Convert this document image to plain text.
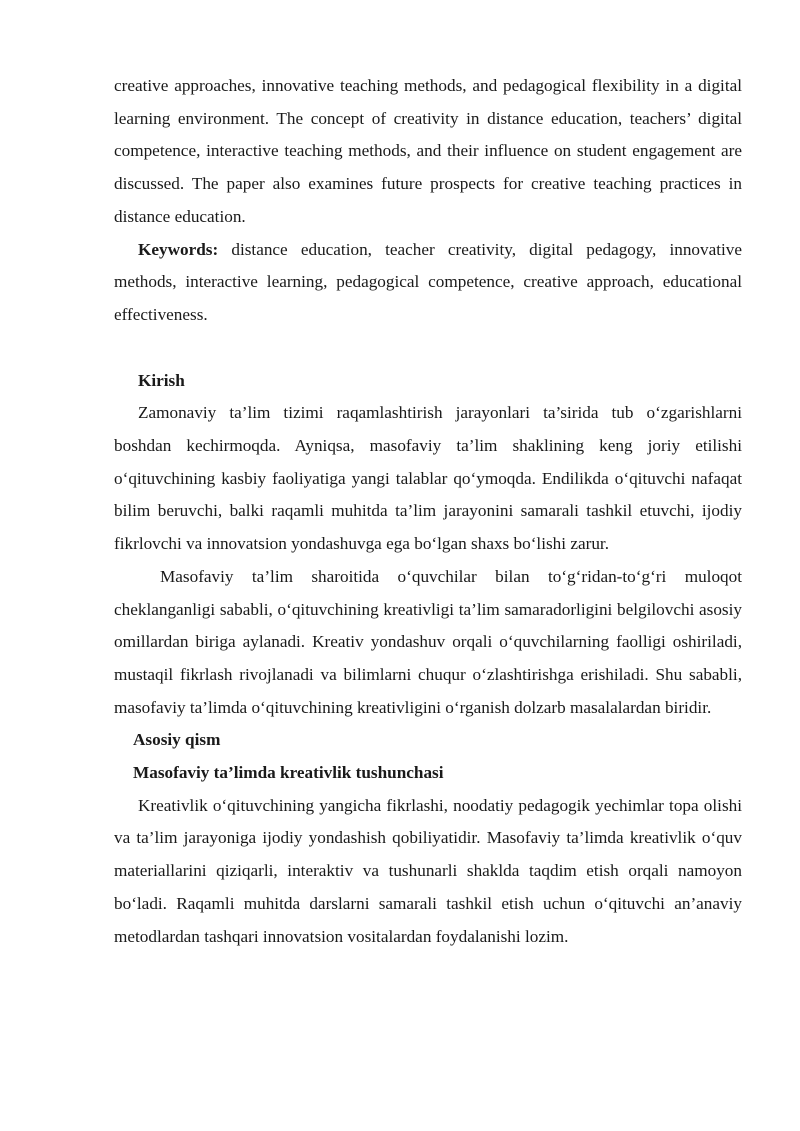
creative approaches, innovative teaching methods, and pedagogical flexibility in a digital learning environment. The concept of creativity in distance education, teachers’ digital competence, interactive teaching methods, and their influence on student engagement are discussed. The paper also examines future prospects for creative teaching practices in distance education.

Keywords: distance education, teacher creativity, digital pedagogy, innovative methods, interactive learning, pedagogical competence, creative approach, educational effectiveness.

Kirish

Zamonaviy ta’lim tizimi raqamlashtirish jarayonlari ta’sirida tub o‘zgarishlarni boshdan kechirmoqda. Ayniqsa, masofaviy ta’lim shaklining keng joriy etilishi o‘qituvchining kasbiy faoliyatiga yangi talablar qo‘ymoqda. Endilikda o‘qituvchi nafaqat bilim beruvchi, balki raqamli muhitda ta’lim jarayonini samarali tashkil etuvchi, ijodiy fikrlovchi va innovatsion yondashuvga ega bo‘lgan shaxs bo‘lishi zarur.

Masofaviy ta’lim sharoitida o‘quvchilar bilan to‘g‘ridan-to‘g‘ri muloqot cheklanganligi sababli, o‘qituvchining kreativligi ta’lim samaradorligini belgilovchi asosiy omillardan biriga aylanadi. Kreativ yondashuv orqali o‘quvchilarning faolligi oshiriladi, mustaqil fikrlash rivojlanadi va bilimlarni chuqur o‘zlashtirishga erishiladi. Shu sababli, masofaviy ta’limda o‘qituvchining kreativligini o‘rganish dolzarb masalalardan biridir.

Asosiy qism

Masofaviy ta’limda kreativlik tushunchasi

Kreativlik o‘qituvchining yangicha fikrlashi, noodatiy pedagogik yechimlar topa olishi va ta’lim jarayoniga ijodiy yondashish qobiliyatidir. Masofaviy ta’limda kreativlik o‘quv materiallarini qiziqarli, interaktiv va tushunarli shaklda taqdim etish orqali namoyon bo‘ladi. Raqamli muhitda darslarni samarali tashkil etish uchun o‘qituvchi an’anaviy metodlardan tashqari innovatsion vositalardan foydalanishi lozim.
